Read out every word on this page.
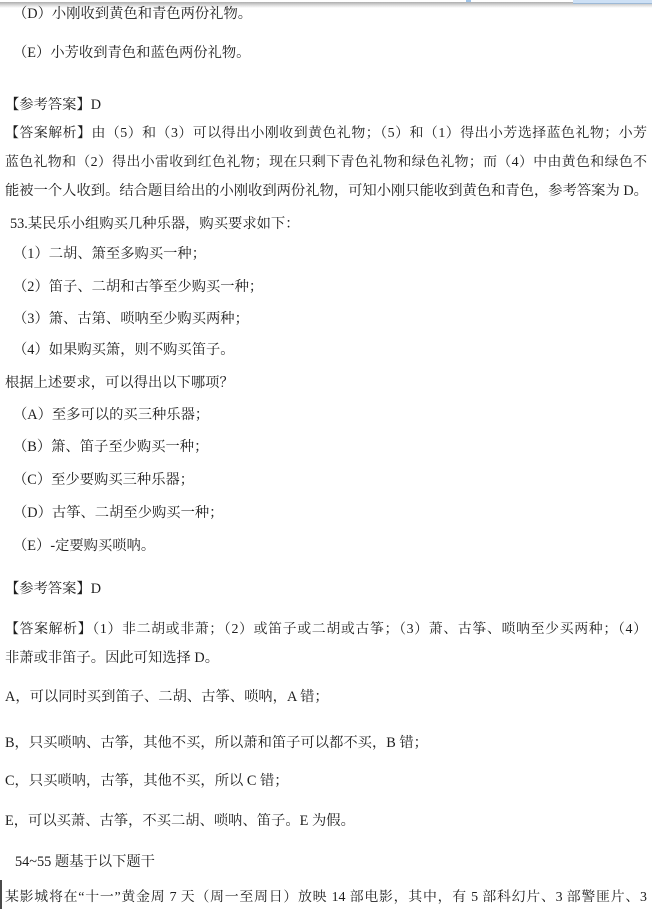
（D）小刚收到黄色和青色两份礼物。

（E）小芳收到青色和蓝色两份礼物。

【参考答案】D

【答案解析】由（5）和（3）可以得出小刚收到黄色礼物；（5）和（1）得出小芳选择蓝色礼物；小芳

蓝色礼物和（2）得出小雷收到红色礼物；现在只剩下青色礼物和绿色礼物；而（4）中由黄色和绿色不

能被一个人收到。结合题目给出的小刚收到两份礼物，可知小刚只能收到黄色和青色，参考答案为 D。

53.某民乐小组购买几种乐器，购买要求如下：

（1）二胡、箫至多购买一种；

（2）笛子、二胡和古筝至少购买一种；

（3）箫、古第、唢呐至少购买两种；

（4）如果购买箫，则不购买笛子。

根据上述要求，可以得出以下哪项？

（A）至多可以的买三种乐器；

（B）箫、笛子至少购买一种；

（C）至少要购买三种乐器；

（D）古筝、二胡至少购买一种；

（E）-定要购买唢呐。

【参考答案】D

【答案解析】（1）非二胡或非萧；（2）或笛子或二胡或古筝；（3）萧、古筝、唢呐至少买两种；（4）

非萧或非笛子。因此可知选择 D。

A，可以同时买到笛子、二胡、古筝、唢呐，A 错；

B，只买唢呐、古筝，其他不买，所以萧和笛子可以都不买，B 错；

C，只买唢呐，古筝，其他不买，所以 C 错；

E，可以买萧、古筝，不买二胡、唢呐、笛子。E 为假。

54~55 题基于以下题干

某影城将在“十一”黄金周 7 天（周一至周日）放映 14 部电影，其中，有 5 部科幻片、3 部警匪片、3
